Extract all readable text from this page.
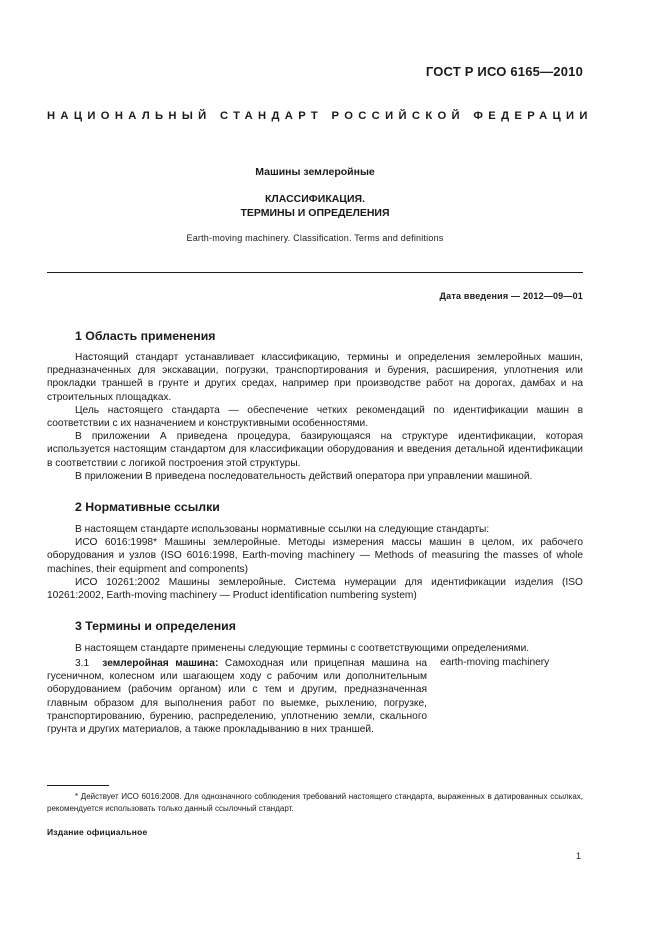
ГОСТ Р ИСО 6165—2010
НАЦИОНАЛЬНЫЙ СТАНДАРТ РОССИЙСКОЙ ФЕДЕРАЦИИ
Машины землеройные
КЛАССИФИКАЦИЯ.
ТЕРМИНЫ И ОПРЕДЕЛЕНИЯ
Earth-moving machinery. Classification. Terms and definitions
Дата введения — 2012—09—01
1 Область применения

Настоящий стандарт устанавливает классификацию, термины и определения землеройных машин, предназначенных для экскавации, погрузки, транспортирования и бурения, расширения, уплотнения или прокладки траншей в грунте и других средах, например при производстве работ на дорогах, дамбах и на строительных площадках.

Цель настоящего стандарта — обеспечение четких рекомендаций по идентификации машин в соответствии с их назначением и конструктивными особенностями.

В приложении А приведена процедура, базирующаяся на структуре идентификации, которая используется настоящим стандартом для классификации оборудования и введения детальной идентификации в соответствии с логикой построения этой структуры.

В приложении В приведена последовательность действий оператора при управлении машиной.

2 Нормативные ссылки

В настоящем стандарте использованы нормативные ссылки на следующие стандарты:

ИСО 6016:1998* Машины землеройные. Методы измерения массы машин в целом, их рабочего оборудования и узлов (ISO 6016:1998, Earth-moving machinery — Methods of measuring the masses of whole machines, their equipment and components)

ИСО 10261:2002 Машины землеройные. Система нумерации для идентификации изделия (ISO 10261:2002, Earth-moving machinery — Product identification numbering system)

3 Термины и определения

В настоящем стандарте применены следующие термины с соответствующими определениями.

3.1 землеройная машина: Самоходная или прицепная машина на гусеничном, колесном или шагающем ходу с рабочим или дополнительным оборудованием (рабочим органом) или с тем и другим, предназначенная главным образом для выполнения работ по выемке, рыхлению, погрузке, транспортированию, бурению, распределению, уплотнению земли, скального грунта и других материалов, а также прокладыванию в них траншей.

earth-moving machinery

* Действует ИСО 6016:2008. Для однозначного соблюдения требований настоящего стандарта, выраженных в датированных ссылках, рекомендуется использовать только данный ссылочный стандарт.

Издание официальное
1
